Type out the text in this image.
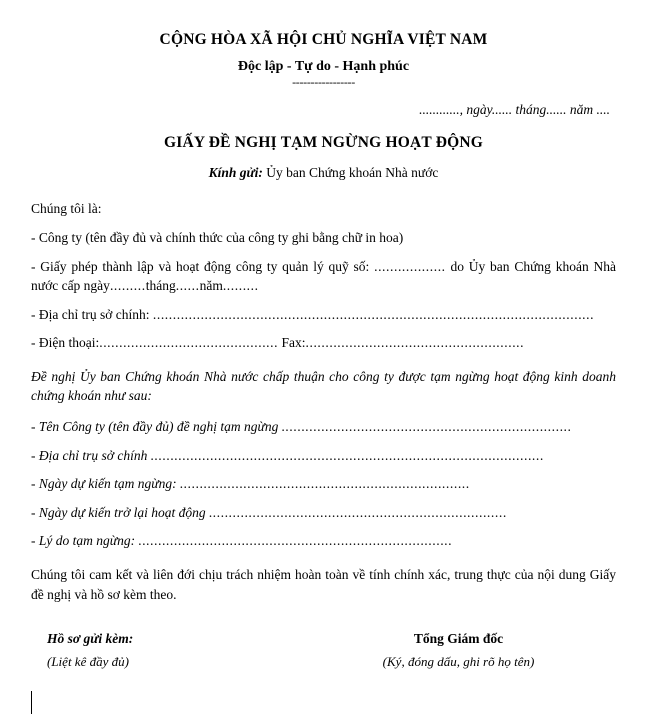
CỘNG HÒA XÃ HỘI CHỦ NGHĨA VIỆT NAM
Độc lập - Tự do - Hạnh phúc
-----------------
............, ngày...... tháng...... năm ....
GIẤY ĐỀ NGHỊ TẠM NGỪNG HOẠT ĐỘNG
Kính gửi: Ủy ban Chứng khoán Nhà nước

Chúng tôi là:

- Công ty (tên đầy đủ và chính thức của công ty ghi bằng chữ in hoa)

- Giấy phép thành lập và hoạt động công ty quản lý quỹ số: .................. do Ủy ban Chứng khoán Nhà nước cấp ngày.........tháng......năm.........

- Địa chỉ trụ sở chính: ...............................................................................................................

- Điện thoại:............................................. Fax:.......................................................

Đề nghị Ủy ban Chứng khoán Nhà nước chấp thuận cho công ty được tạm ngừng hoạt động kinh doanh chứng khoán như sau:

- Tên Công ty (tên đầy đủ) đề nghị tạm ngừng .........................................................................

- Địa chỉ trụ sở chính ...................................................................................................

- Ngày dự kiến tạm ngừng: .........................................................................

- Ngày dự kiến trở lại hoạt động ...........................................................................

- Lý do tạm ngừng: ...............................................................................

Chúng tôi cam kết và liên đới chịu trách nhiệm hoàn toàn về tính chính xác, trung thực của nội dung Giấy đề nghị và hồ sơ kèm theo.

Hồ sơ gửi kèm:
(Liệt kê đầy đủ)
Tổng Giám đốc
(Ký, đóng dấu, ghi rõ họ tên)
